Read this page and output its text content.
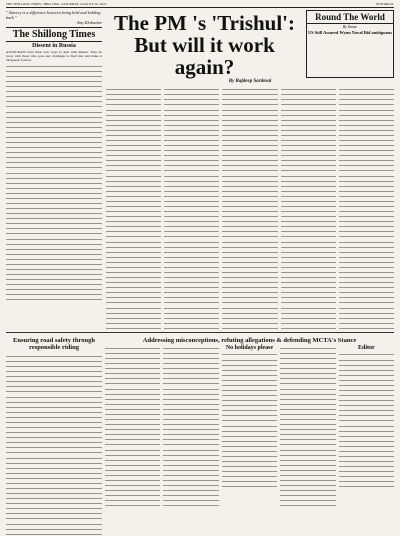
THE SHILLONG TIMES, SHILLONG, SATURDAY, AUGUST 26, 2023	EDITORIAL
" Slavery is a difference between being held and holding back "
Amy Klobuchar
The Shillong Times
Dissent in Russia
AUTOCRATS have their own ways to deal with dissent. They do away with those who pose any challenge to their rule and make it 'disappear' forever.
The PM 's 'Trishul': But will it work again?
Round The World
By Tamar
US Still Assured Wynn Naval Bid ambiguous
By Rajdeep Sardesai
Ensuring road safety through responsible riding
Addressing misconceptions, refuting allegations & defending MCTA's Stance
No holidays please	Editor
